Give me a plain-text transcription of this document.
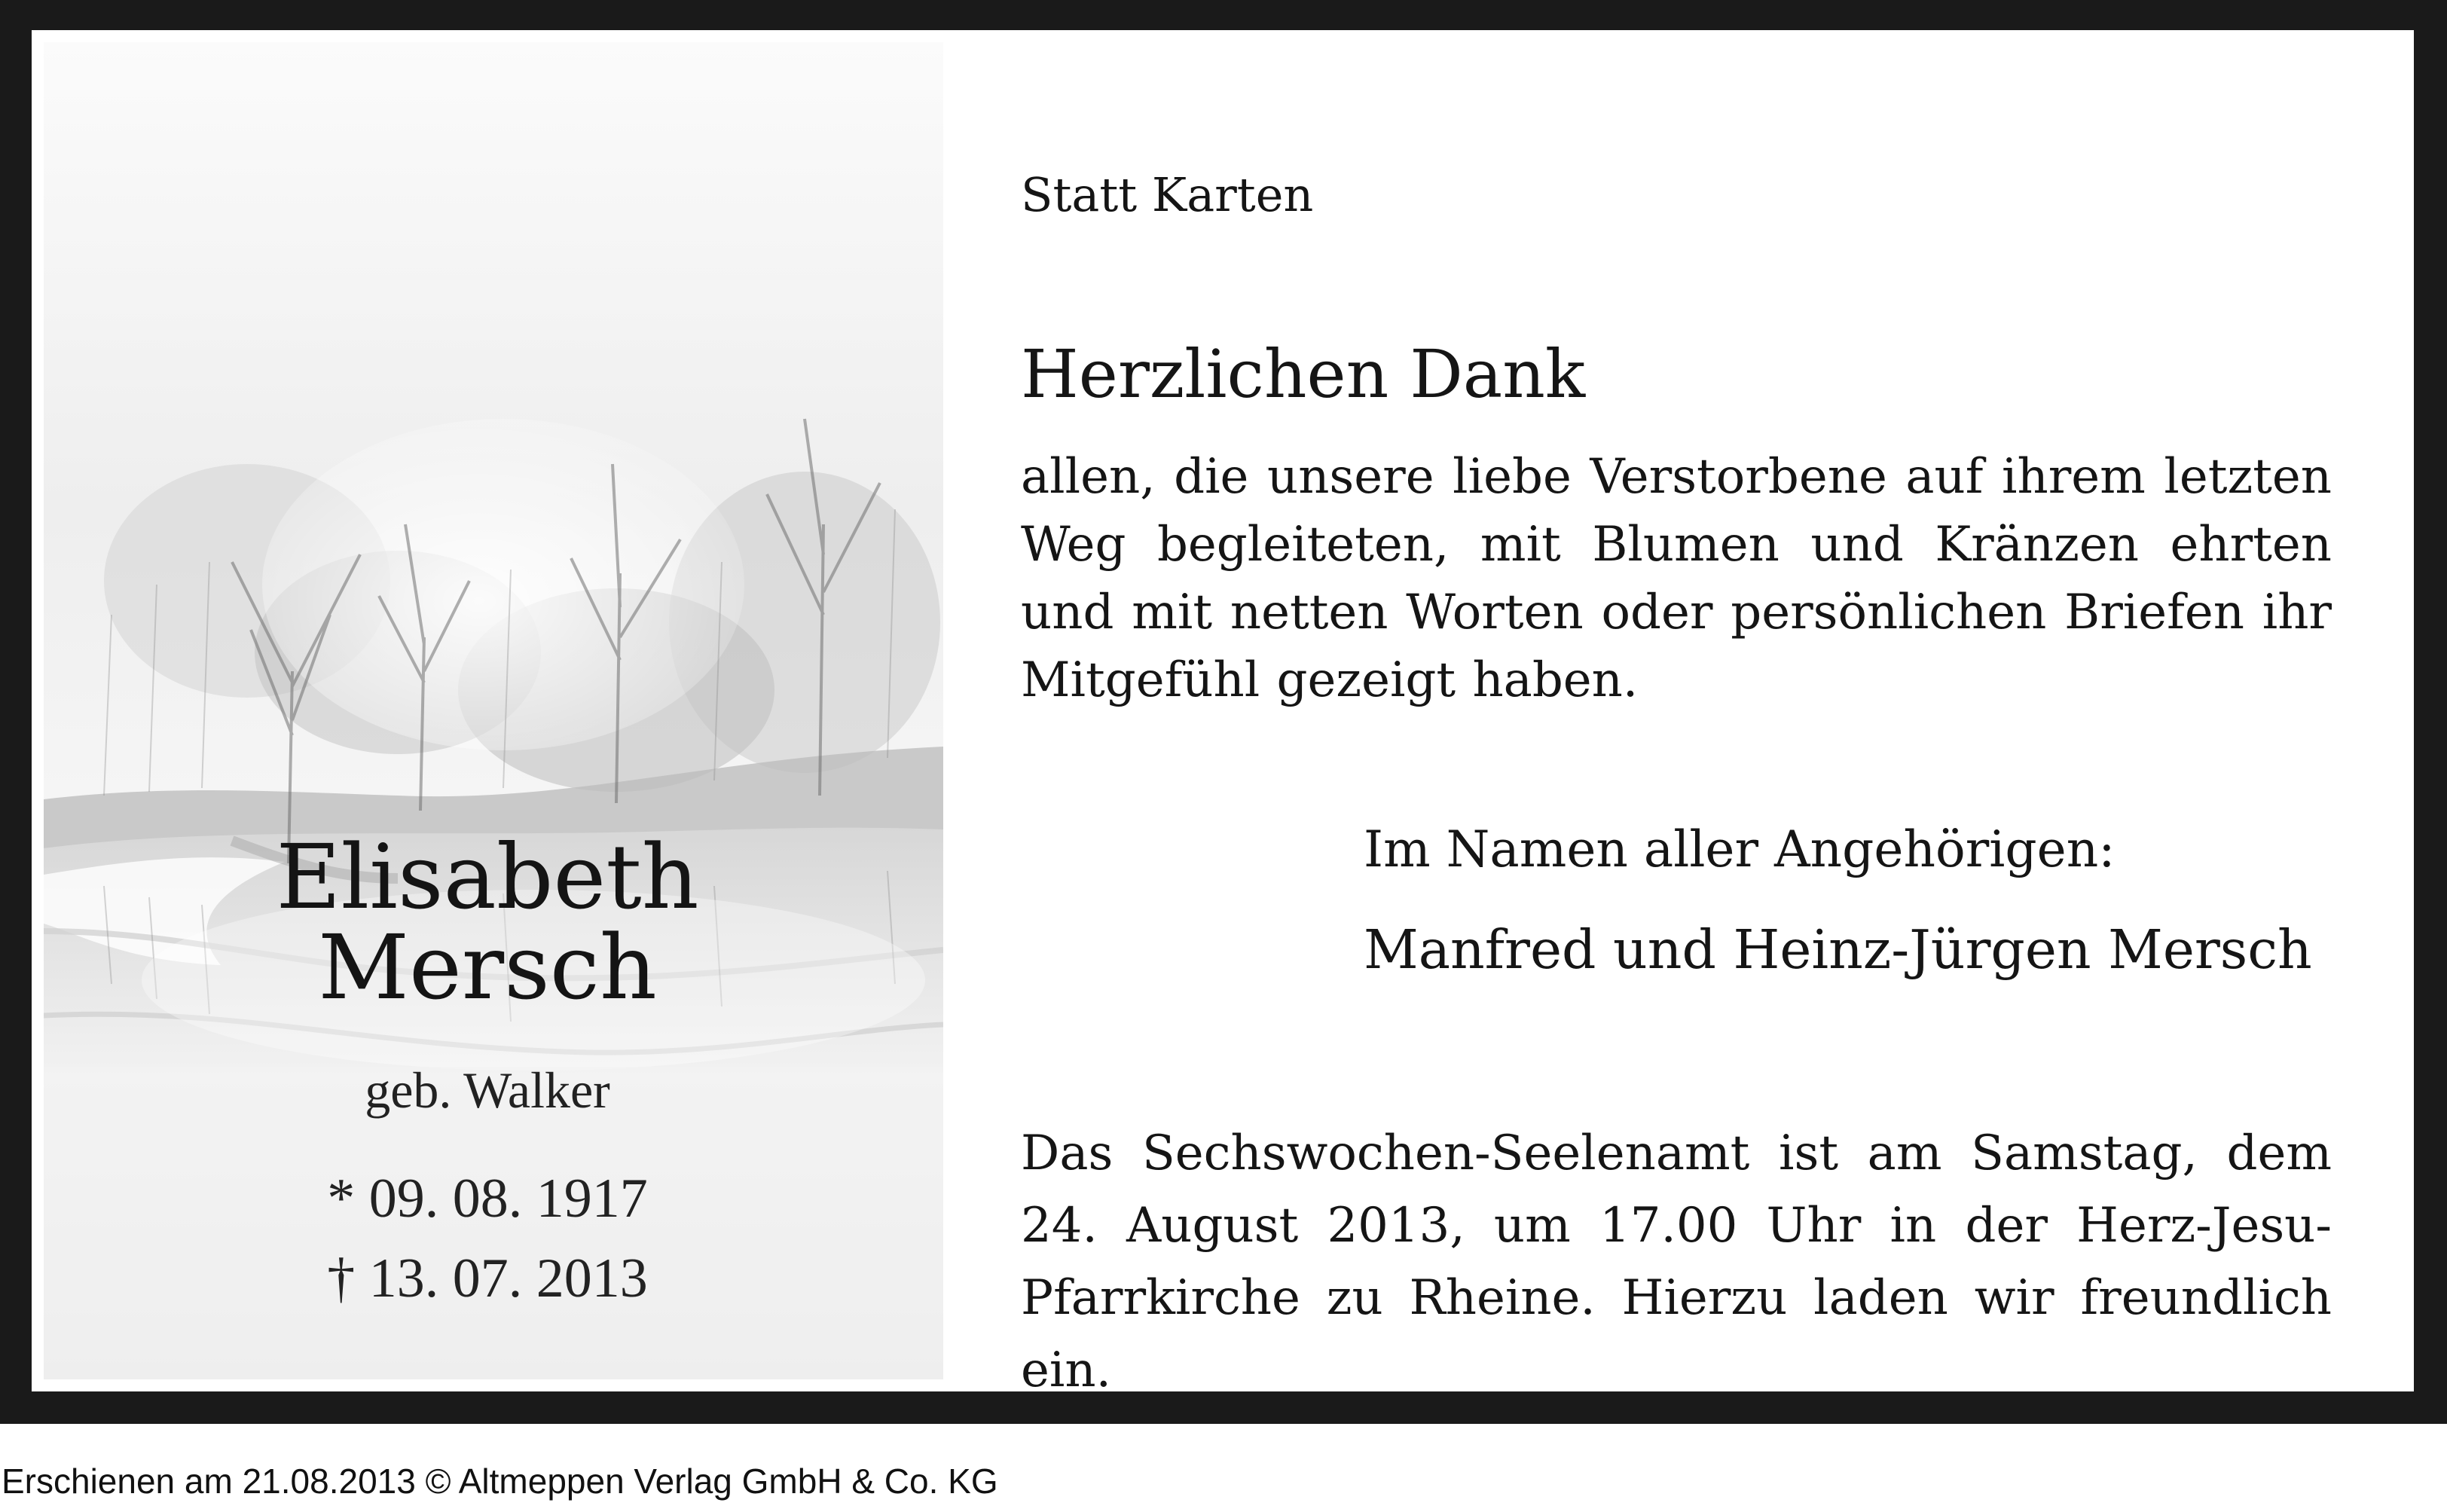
Elisabeth
Mersch
geb. Walker
* 09. 08. 1917
† 13. 07. 2013
Statt Karten
Herzlichen Dank
allen, die unsere liebe Verstorbene auf ihrem letzten Weg begleiteten, mit Blumen und Kränzen ehrten und mit netten Worten oder persönlichen Briefen ihr Mitgefühl gezeigt haben.
Im Namen aller Angehörigen:
Manfred und Heinz-Jürgen Mersch
Das Sechswochen-Seelenamt ist am Samstag, dem 24. August 2013, um 17.00 Uhr in der Herz-Jesu-Pfarrkirche zu Rheine. Hierzu laden wir freundlich ein.
Erschienen am 21.08.2013 © Altmeppen Verlag GmbH & Co. KG
